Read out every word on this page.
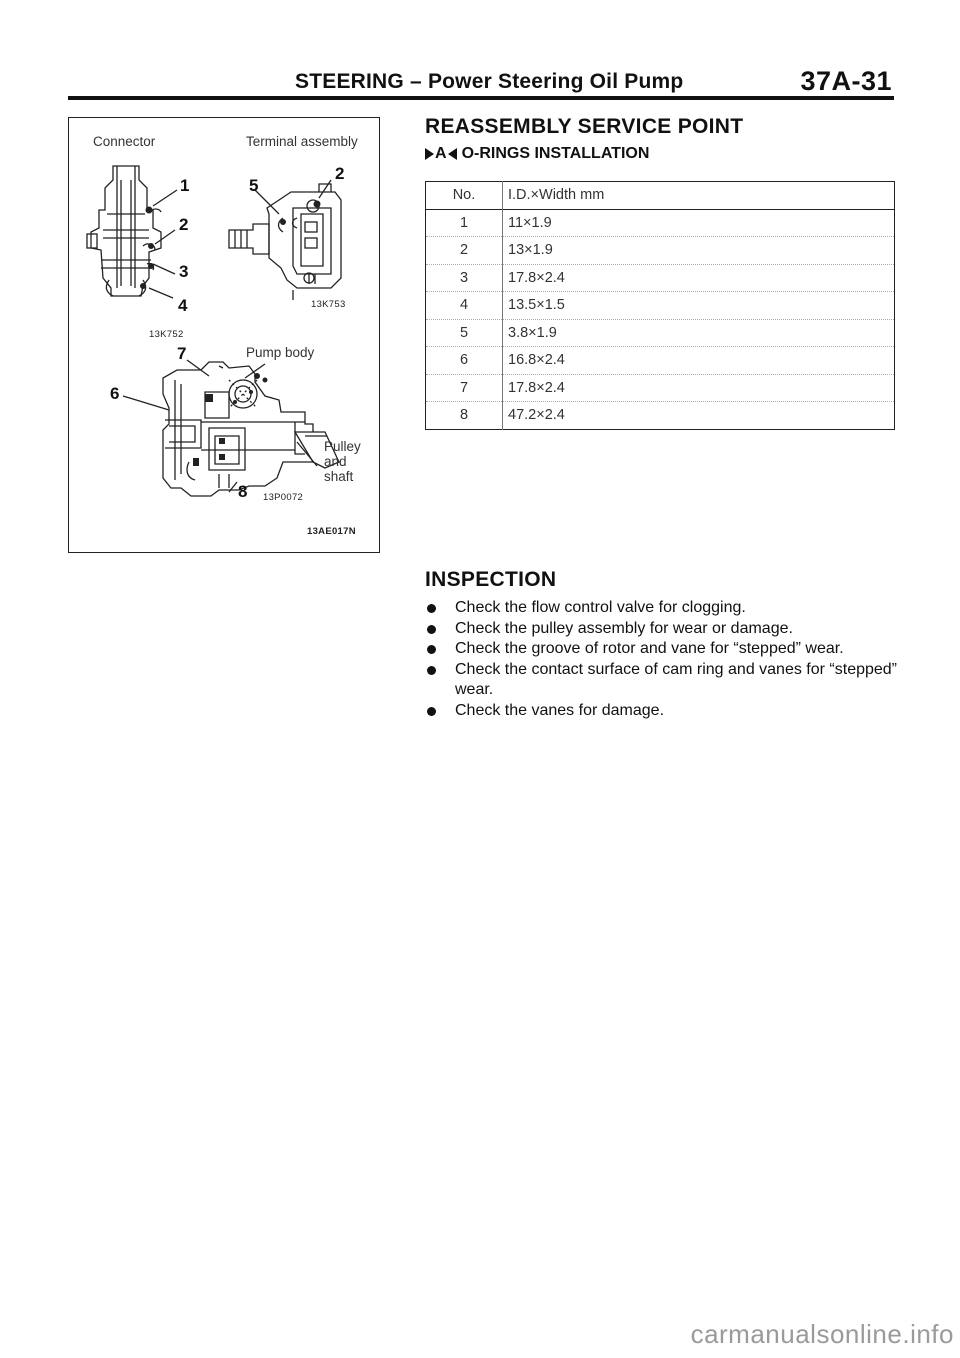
STEERING – Power Steering Oil Pump	37A-31
Connector	Terminal assembly
Pump body
Pulley
and
shaft
1
2
3
4
5
2
7
6
8
13K752
13K753
13P0072
13AE017N
REASSEMBLY SERVICE POINT
A O-RINGS INSTALLATION
No.	I.D.×Width mm
1	11×1.9
2	13×1.9
3	17.8×2.4
4	13.5×1.5
5	3.8×1.9
6	16.8×2.4
7	17.8×2.4
8	47.2×2.4
INSPECTION
Check the flow control valve for clogging.
Check the pulley assembly for wear or damage.
Check the groove of rotor and vane for “stepped” wear.
Check the contact surface of cam ring and vanes for “stepped” wear.
Check the vanes for damage.
carmanualsonline.info
